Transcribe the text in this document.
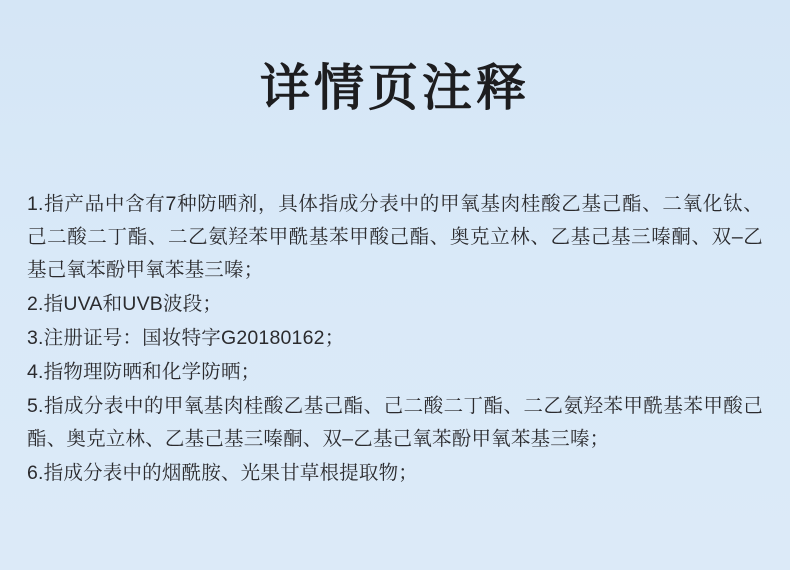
详情页注释

1.指产品中含有7种防晒剂，具体指成分表中的甲氧基肉桂酸乙基己酯、二氧化钛、己二酸二丁酯、二乙氨羟苯甲酰基苯甲酸己酯、奥克立林、乙基己基三嗪酮、双–乙基己氧苯酚甲氧苯基三嗪；

2.指UVA和UVB波段；

3.注册证号：国妆特字G20180162；

4.指物理防晒和化学防晒；

5.指成分表中的甲氧基肉桂酸乙基己酯、己二酸二丁酯、二乙氨羟苯甲酰基苯甲酸己酯、奥克立林、乙基己基三嗪酮、双–乙基己氧苯酚甲氧苯基三嗪；

6.指成分表中的烟酰胺、光果甘草根提取物；
